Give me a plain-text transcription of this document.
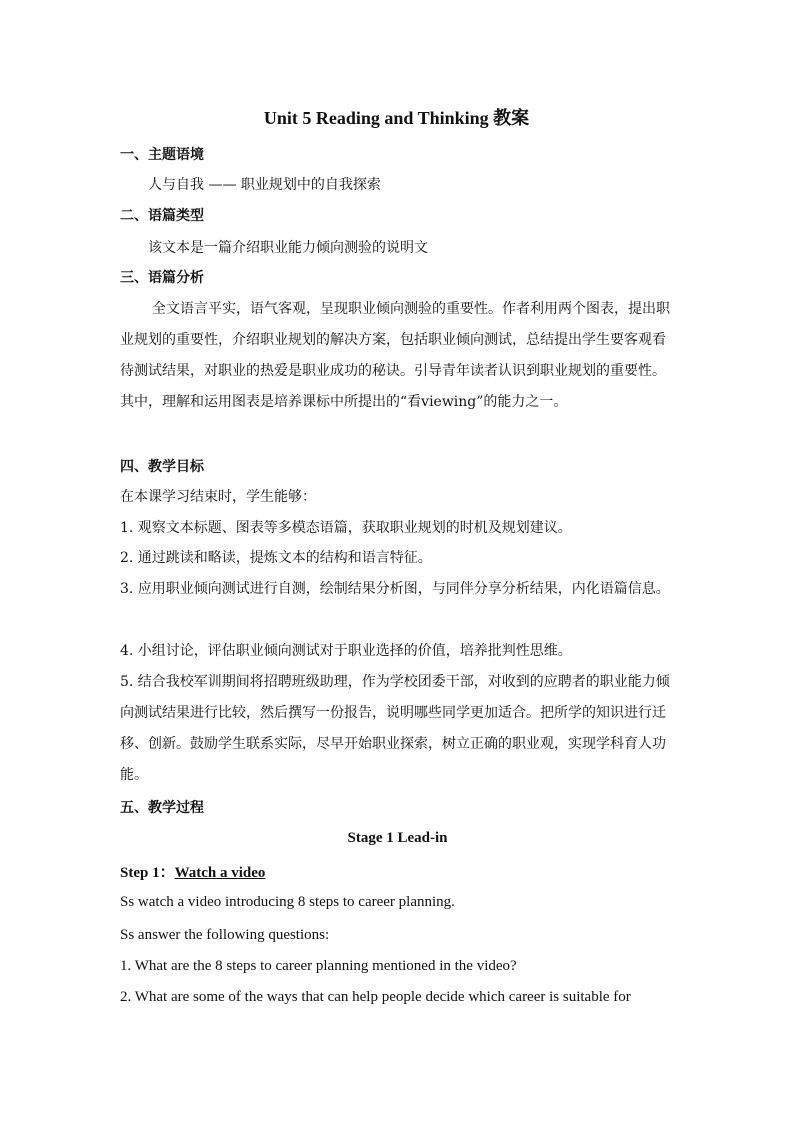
Unit 5 Reading and Thinking 教案
一、主题语境
人与自我 —— 职业规划中的自我探索
二、语篇类型
该文本是一篇介绍职业能力倾向测验的说明文
三、语篇分析
全文语言平实，语气客观，呈现职业倾向测验的重要性。作者利用两个图表，提出职业规划的重要性，介绍职业规划的解决方案，包括职业倾向测试，总结提出学生要客观看待测试结果，对职业的热爱是职业成功的秘诀。引导青年读者认识到职业规划的重要性。其中，理解和运用图表是培养课标中所提出的“看viewing”的能力之一。
四、教学目标
在本课学习结束时，学生能够：
1. 观察文本标题、图表等多模态语篇，获取职业规划的时机及规划建议。
2. 通过跳读和略读，提炼文本的结构和语言特征。
3. 应用职业倾向测试进行自测，绘制结果分析图，与同伴分享分析结果，内化语篇信息。
4. 小组讨论，评估职业倾向测试对于职业选择的价值，培养批判性思维。
5. 结合我校军训期间将招聘班级助理，作为学校团委干部，对收到的应聘者的职业能力倾向测试结果进行比较，然后撰写一份报告，说明哪些同学更加适合。把所学的知识进行迁移、创新。鼓励学生联系实际，尽早开始职业探索，树立正确的职业观，实现学科育人功能。
五、教学过程
Stage 1 Lead-in
Step 1：Watch a video
Ss watch a video introducing 8 steps to career planning.
Ss answer the following questions:
1. What are the 8 steps to career planning mentioned in the video?
2. What are some of the ways that can help people decide which career is suitable for
